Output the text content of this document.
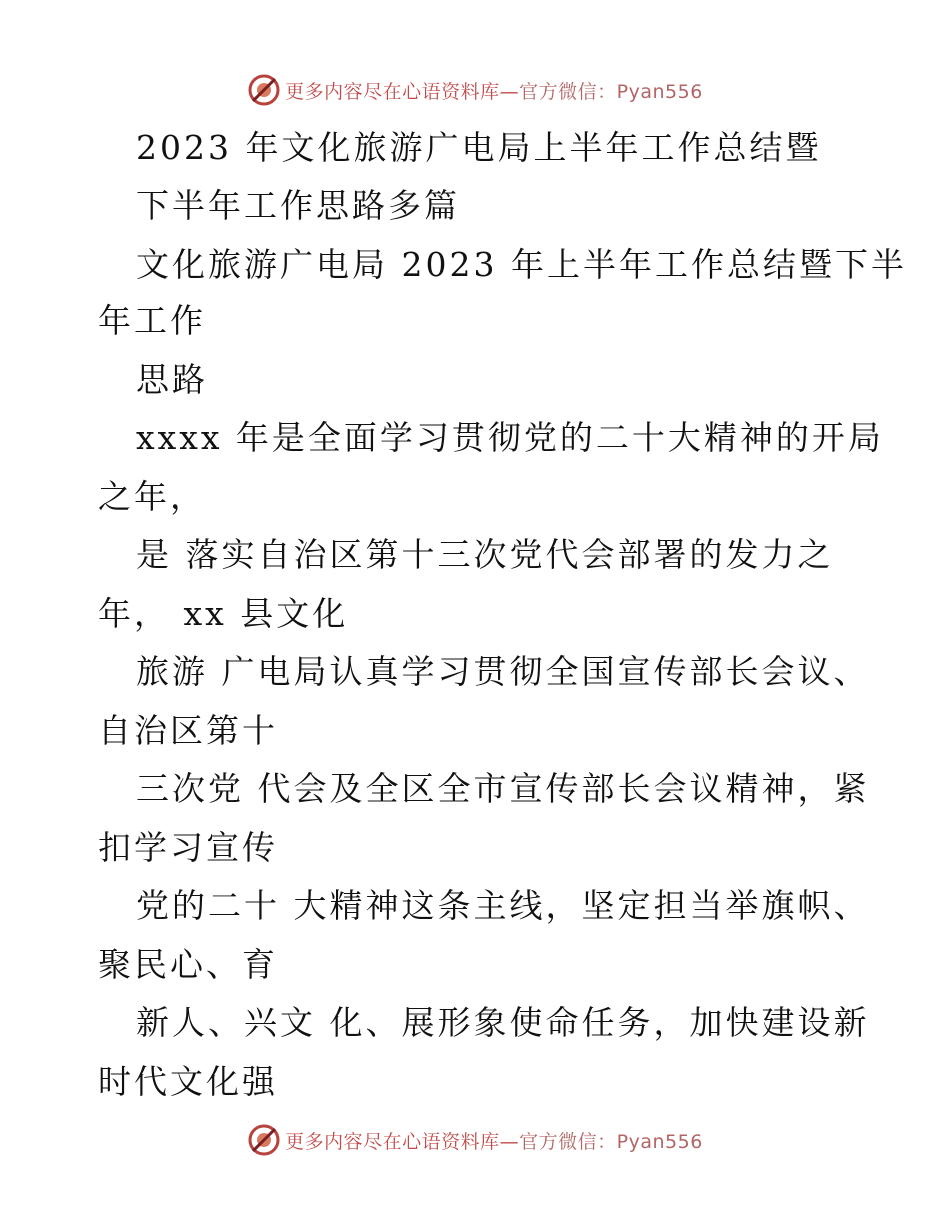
更多内容尽在心语资料库—官方微信：Pyan556
2023 年文化旅游广电局上半年工作总结暨
下半年工作思路多篇
文化旅游广电局 2023 年上半年工作总结暨下半
年工作
思路
xxxx 年是全面学习贯彻党的二十大精神的开局
之年，
是 落实自治区第十三次党代会部署的发力之
年， xx 县文化
旅游 广电局认真学习贯彻全国宣传部长会议、
自治区第十
三次党 代会及全区全市宣传部长会议精神，紧
扣学习宣传
党的二十 大精神这条主线，坚定担当举旗帜、
聚民心、育
新人、兴文 化、展形象使命任务，加快建设新
时代文化强
更多内容尽在心语资料库—官方微信：Pyan556
